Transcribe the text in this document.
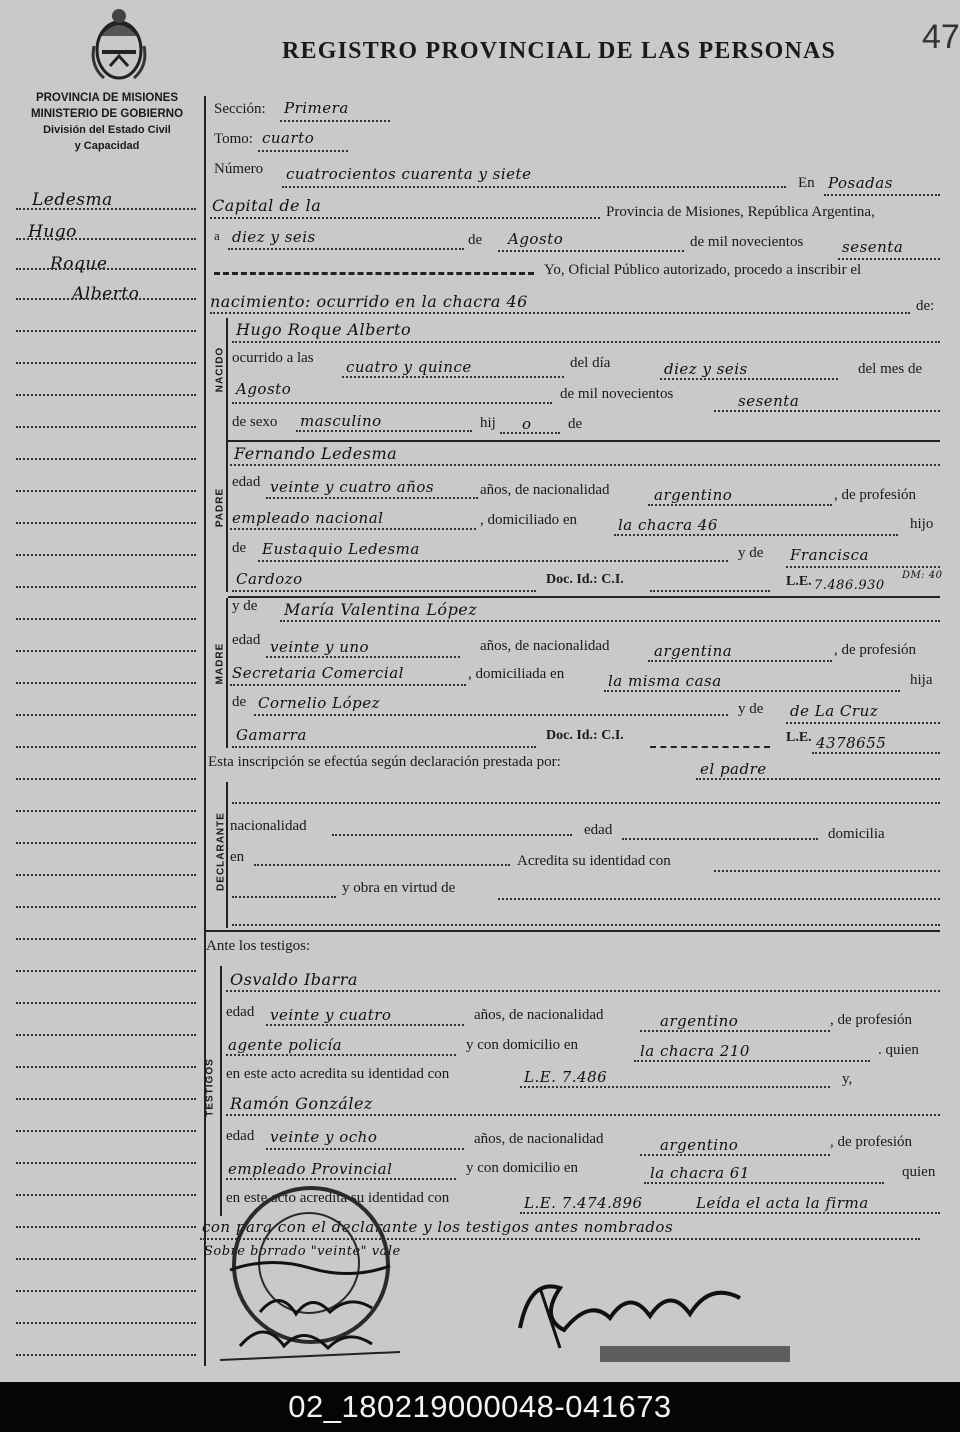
REGISTRO PROVINCIAL DE LAS PERSONAS	47
PROVINCIA DE MISIONES
MINISTERIO DE GOBIERNO
División del Estado Civil
y Capacidad
Ledesma
Hugo
Roque
Alberto
Sección: Primera
Tomo: cuarto
Número cuatrocientos cuarenta y siete	En Posadas
Capital de la	Provincia de Misiones, República Argentina,
a diez y seis	de Agosto	de mil novecientos	sesenta
Yo, Oficial Público autorizado, procedo a inscribir el
nacimiento: ocurrido en la chacra 46	de:
NACIDO
Hugo Roque Alberto
ocurrido a las cuatro y quince	del día	diez y seis	del mes de
Agosto	de mil novecientos	sesenta
de sexo masculino	hij o de
PADRE
Fernando Ledesma
edad veinte y cuatro años	años, de nacionalidad	argentino	, de profesión
empleado nacional	, domiciliado en	la chacra 46	hijo
de Eustaquio Ledesma	y de Francisca
Cardozo	Doc. Id.: C.I.	L.E. 7.486.930
DM: 40
MADRE
y de María Valentina López
edad veinte y uno	años, de nacionalidad	argentina	, de profesión
Secretaria Comercial	, domiciliada en	la misma casa	hija
de Cornelio López	y de de La Cruz
Gamarra	Doc. Id.: C.I.	L.E. 4378655
Esta inscripción se efectúa según declaración prestada por:	el padre
DECLARANTE nacionalidad	edad	domicilia
en	Acredita su identidad con
y obra en virtud de
Ante los testigos:
TESTIGOS
Osvaldo Ibarra
edad veinte y cuatro	años, de nacionalidad	argentino	, de profesión
agente policía	y con domicilio en	la chacra 210	. quien
en este acto acredita su identidad con	L.E. 7.486	y,
Ramón González
edad veinte y ocho	años, de nacionalidad	argentino	, de profesión
empleado Provincial	y con domicilio en	la chacra 61	quien
en este acto acredita su identidad con	L.E. 7.474.896	Leída el acta la firma
con para con el declarante y los testigos antes nombrados
Sobre borrado "veinte" vale
02_180219000048-041673
